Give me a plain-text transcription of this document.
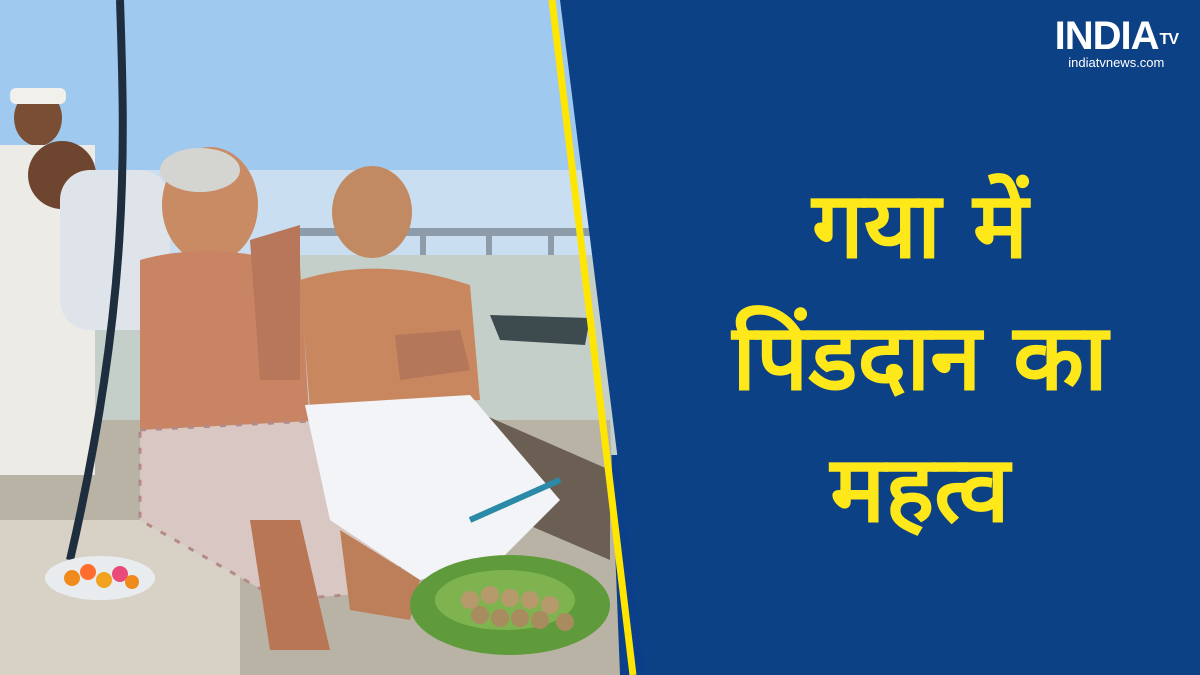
$INDIA^{TV}$
indiatvnews.com
गया में
पिंडदान का
महत्व
